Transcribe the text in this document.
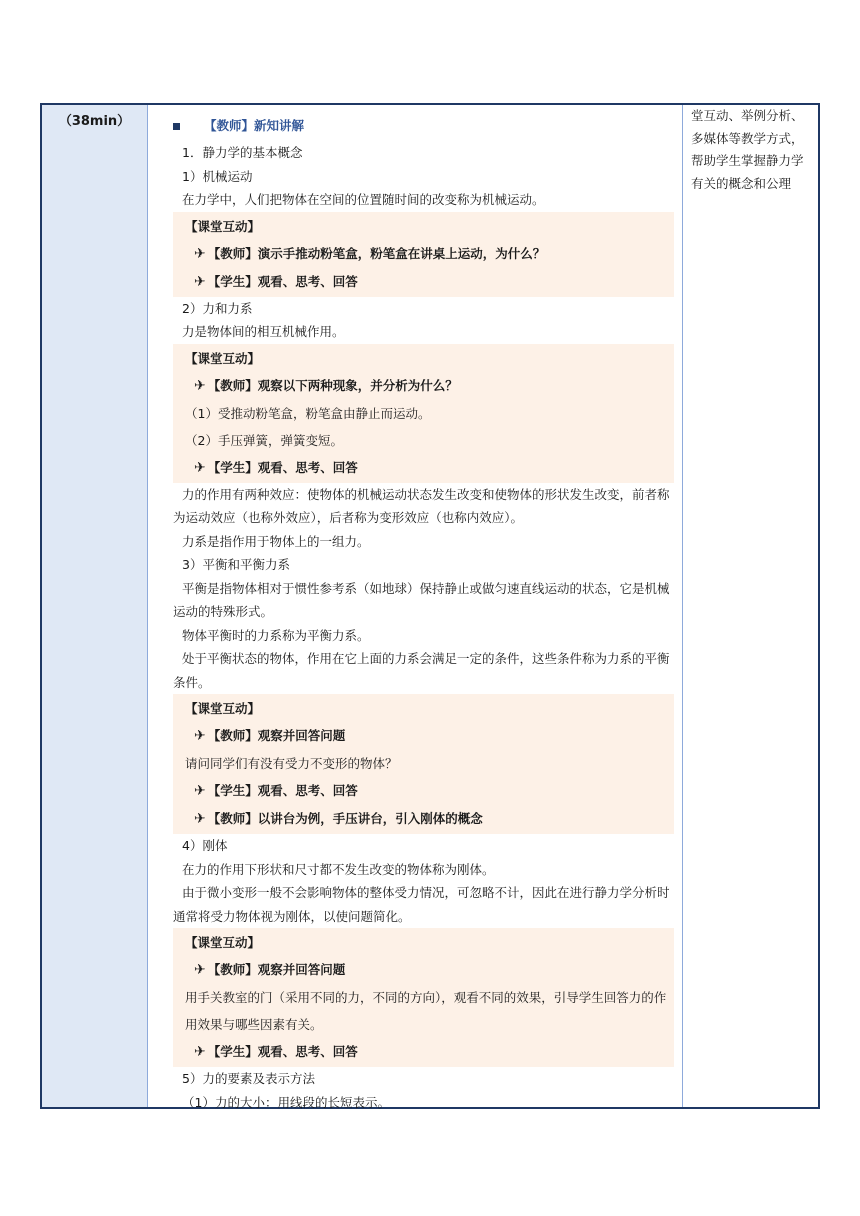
（38min）	【教师】新知讲解
1．静力学的基本概念
1）机械运动
在力学中，人们把物体在空间的位置随时间的改变称为机械运动。
【课堂互动】
✈ 【教师】演示手推动粉笔盒，粉笔盒在讲桌上运动，为什么？
✈ 【学生】观看、思考、回答
2）力和力系
力是物体间的相互机械作用。
【课堂互动】
✈ 【教师】观察以下两种现象，并分析为什么？
（1）受推动粉笔盒，粉笔盒由静止而运动。
（2）手压弹簧，弹簧变短。
✈ 【学生】观看、思考、回答
力的作用有两种效应：使物体的机械运动状态发生改变和使物体的形状发生改变，前者称为运动效应（也称外效应），后者称为变形效应（也称内效应）。
力系是指作用于物体上的一组力。
3）平衡和平衡力系
平衡是指物体相对于惯性参考系（如地球）保持静止或做匀速直线运动的状态，它是机械运动的特殊形式。
物体平衡时的力系称为平衡力系。
处于平衡状态的物体，作用在它上面的力系会满足一定的条件，这些条件称为力系的平衡条件。
【课堂互动】
✈ 【教师】观察并回答问题
请问同学们有没有受力不变形的物体？
✈ 【学生】观看、思考、回答
✈ 【教师】以讲台为例，手压讲台，引入刚体的概念
4）刚体
在力的作用下形状和尺寸都不发生改变的物体称为刚体。
由于微小变形一般不会影响物体的整体受力情况，可忽略不计，因此在进行静力学分析时通常将受力物体视为刚体，以使问题简化。
【课堂互动】
✈ 【教师】观察并回答问题
用手关教室的门（采用不同的力，不同的方向），观看不同的效果，引导学生回答力的作用效果与哪些因素有关。
✈ 【学生】观看、思考、回答
5）力的要素及表示方法
（1）力的大小：用线段的长短表示。
堂互动、举例分析、
多媒体等教学方式，
帮助学生掌握静力学
有关的概念和公理
